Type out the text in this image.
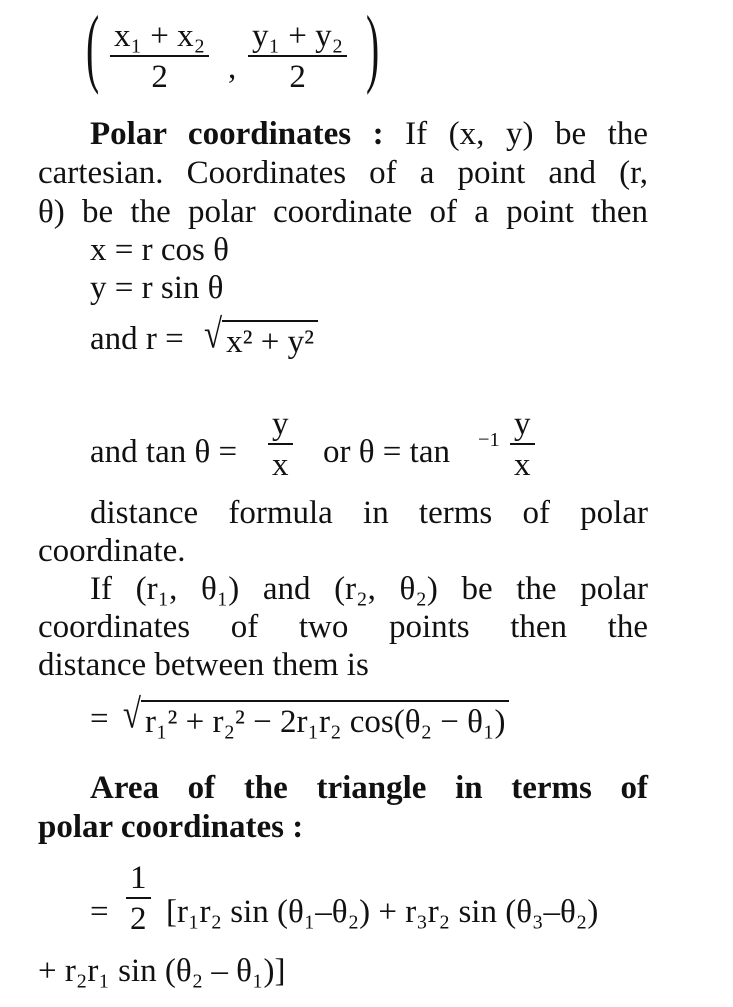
( $\frac{\text{x₁ + x₂}}{2}$ , $\frac{\text{y₁ + y₂}}{2}$ )
Polar coordinates : If (x, y) be the
cartesian. Coordinates of a point and (r,
θ) be the polar coordinate of a point then
x = r cos θ
y = r sin θ
and r = √ x² + y²
and $\tan \theta = \frac{y}{x}$ or $\theta = \tan -1 \frac{y}{x}$
distance formula in terms of polar
coordinate.
If (r₁, θ₁) and (r₂, θ₂) be the polar
coordinates of two points then the
distance between them is
= √ r₁² + r₂² − 2r₁r₂ cos(θ₂ − θ₁)
Area of the triangle in terms of
polar coordinates :
= $\frac{1}{2} [r_1r_2$ sin (θ₁–θ₂) + r₃r₂ sin (θ₃–θ₂)
+ r₂r₁ sin (θ₂ – θ₁)]
